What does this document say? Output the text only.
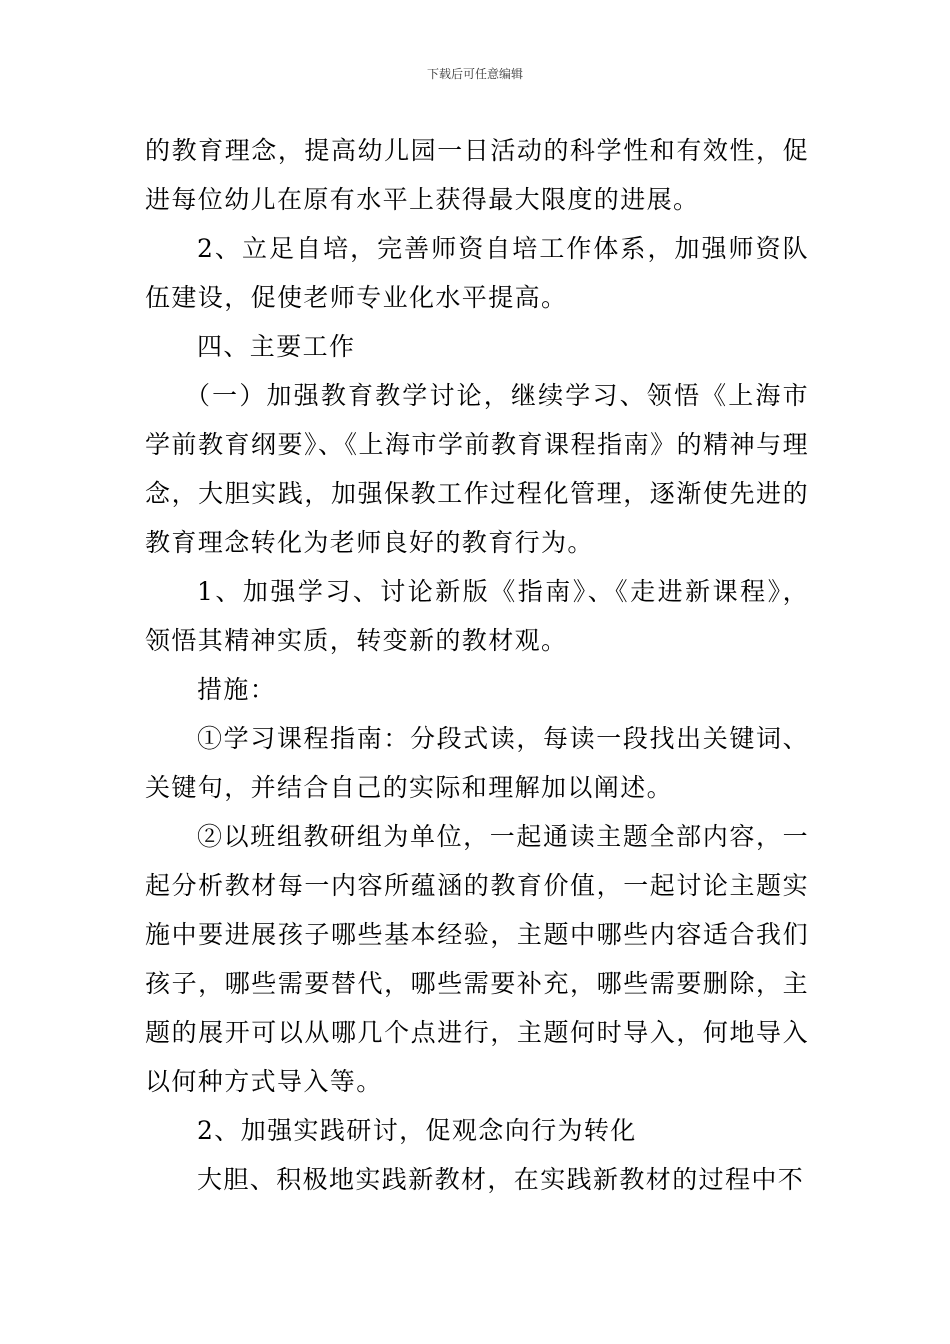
下载后可任意编辑

的教育理念，提高幼儿园一日活动的科学性和有效性，促进每位幼儿在原有水平上获得最大限度的进展。

2、立足自培，完善师资自培工作体系，加强师资队伍建设，促使老师专业化水平提高。

四、主要工作

（一）加强教育教学讨论，继续学习、领悟《上海市学前教育纲要》、《上海市学前教育课程指南》的精神与理念，大胆实践，加强保教工作过程化管理，逐渐使先进的教育理念转化为老师良好的教育行为。

1、加强学习、讨论新版《指南》、《走进新课程》，领悟其精神实质，转变新的教材观。

措施：

①学习课程指南：分段式读，每读一段找出关键词、关键句，并结合自己的实际和理解加以阐述。

②以班组教研组为单位，一起通读主题全部内容，一起分析教材每一内容所蕴涵的教育价值，一起讨论主题实施中要进展孩子哪些基本经验，主题中哪些内容适合我们孩子，哪些需要替代，哪些需要补充，哪些需要删除，主题的展开可以从哪几个点进行，主题何时导入，何地导入以何种方式导入等。

2、加强实践研讨，促观念向行为转化

大胆、积极地实践新教材，在实践新教材的过程中不
